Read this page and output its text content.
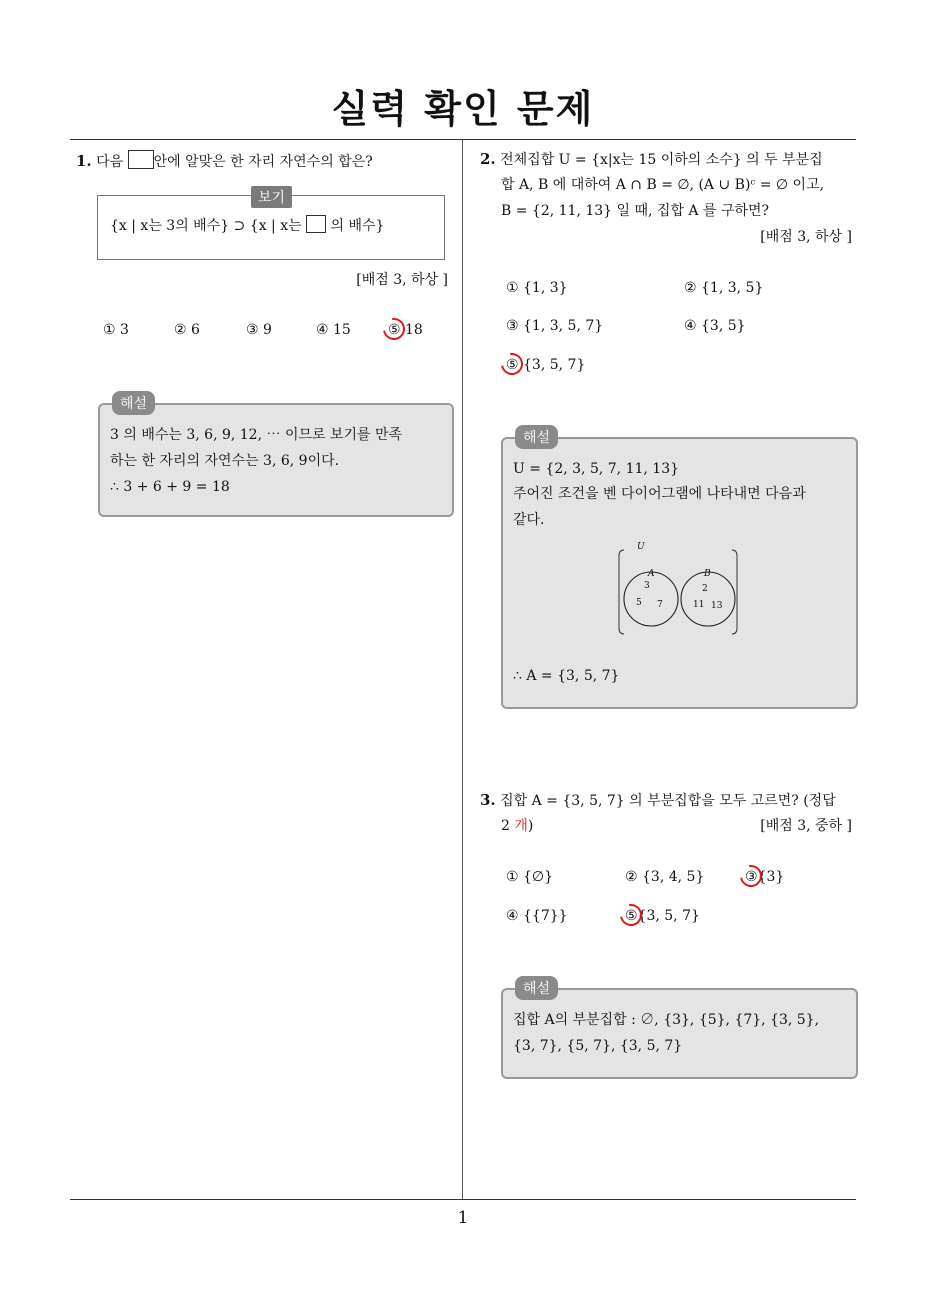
실력 확인 문제
1. 다음 안에 알맞은 한 자리 자연수의 합은?
보기
{x | x는 3의 배수} ⊃ {x | x는 의 배수}
[배점 3, 하상 ]
① 3	② 6	③ 9	④ 15	⑤ 18
해설
3 의 배수는 3, 6, 9, 12, ⋯ 이므로 보기를 만족
하는 한 자리의 자연수는 3, 6, 9이다.
∴ 3 + 6 + 9 = 18
2. 전체집합 U = {x|x는 15 이하의 소수} 의 두 부분집
합 A, B 에 대하여 A ∩ B = ∅, (A ∪ B)ᶜ = ∅ 이고,
B = {2, 11, 13} 일 때, 집합 A 를 구하면?
[배점 3, 하상 ]
① {1, 3}	② {1, 3, 5}
③ {1, 3, 5, 7}	④ {3, 5}
⑤ {3, 5, 7}
해설
U = {2, 3, 5, 7, 11, 13}
주어진 조건을 벤 다이어그램에 나타내면 다음과
같다.
U
A	B
3
5 7
2
11 13
∴ A = {3, 5, 7}
3. 집합 A = {3, 5, 7} 의 부분집합을 모두 고르면? (정답
2 개)	[배점 3, 중하 ]
① {∅}	② {3, 4, 5}	③{3}
④ {{7}}	⑤{3, 5, 7}
해설
집합 A의 부분집합 : ∅, {3}, {5}, {7}, {3, 5},
{3, 7}, {5, 7}, {3, 5, 7}
1
